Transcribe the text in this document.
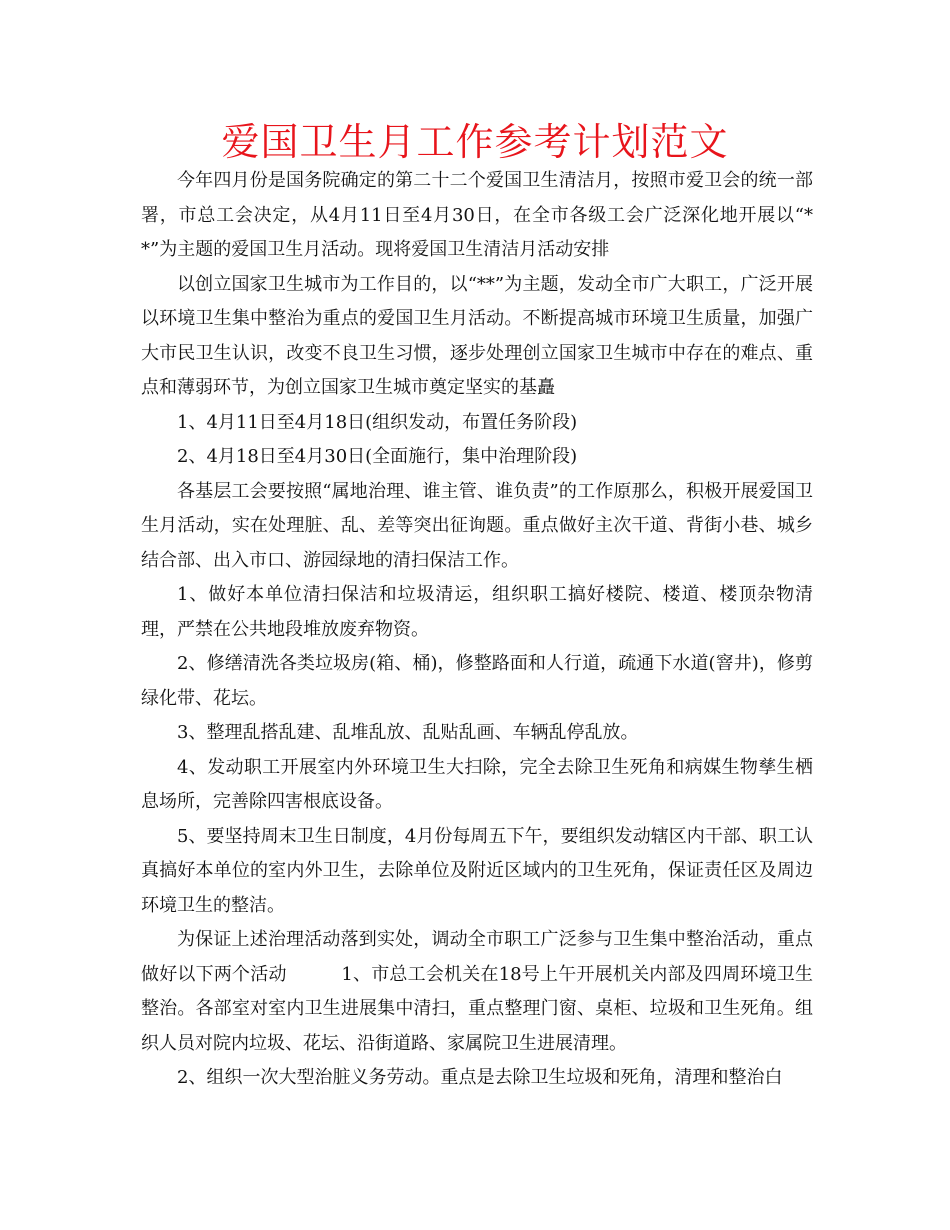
爱国卫生月工作参考计划范文

今年四月份是国务院确定的第二十二个爱国卫生清洁月，按照市爱卫会的统一部署，市总工会决定，从4月11日至4月30日，在全市各级工会广泛深化地开展以“**”为主题的爱国卫生月活动。现将爱国卫生清洁月活动安排

以创立国家卫生城市为工作目的，以“**”为主题，发动全市广大职工，广泛开展以环境卫生集中整治为重点的爱国卫生月活动。不断提高城市环境卫生质量，加强广大市民卫生认识，改变不良卫生习惯，逐步处理创立国家卫生城市中存在的难点、重点和薄弱环节，为创立国家卫生城市奠定坚实的基矗

1、4月11日至4月18日(组织发动，布置任务阶段)

2、4月18日至4月30日(全面施行，集中治理阶段)

各基层工会要按照“属地治理、谁主管、谁负责”的工作原那么，积极开展爱国卫生月活动，实在处理脏、乱、差等突出征询题。重点做好主次干道、背街小巷、城乡结合部、出入市口、游园绿地的清扫保洁工作。

1、做好本单位清扫保洁和垃圾清运，组织职工搞好楼院、楼道、楼顶杂物清理，严禁在公共地段堆放废弃物资。

2、修缮清洗各类垃圾房(箱、桶)，修整路面和人行道，疏通下水道(窨井)，修剪绿化带、花坛。

3、整理乱搭乱建、乱堆乱放、乱贴乱画、车辆乱停乱放。

4、发动职工开展室内外环境卫生大扫除，完全去除卫生死角和病媒生物孳生栖息场所，完善除四害根底设备。

5、要坚持周末卫生日制度，4月份每周五下午，要组织发动辖区内干部、职工认真搞好本单位的室内外卫生，去除单位及附近区域内的卫生死角，保证责任区及周边环境卫生的整洁。

为保证上述治理活动落到实处，调动全市职工广泛参与卫生集中整治活动，重点做好以下两个活动　　　1、市总工会机关在18号上午开展机关内部及四周环境卫生整治。各部室对室内卫生进展集中清扫，重点整理门窗、桌柜、垃圾和卫生死角。组织人员对院内垃圾、花坛、沿街道路、家属院卫生进展清理。

2、组织一次大型治脏义务劳动。重点是去除卫生垃圾和死角，清理和整治白
